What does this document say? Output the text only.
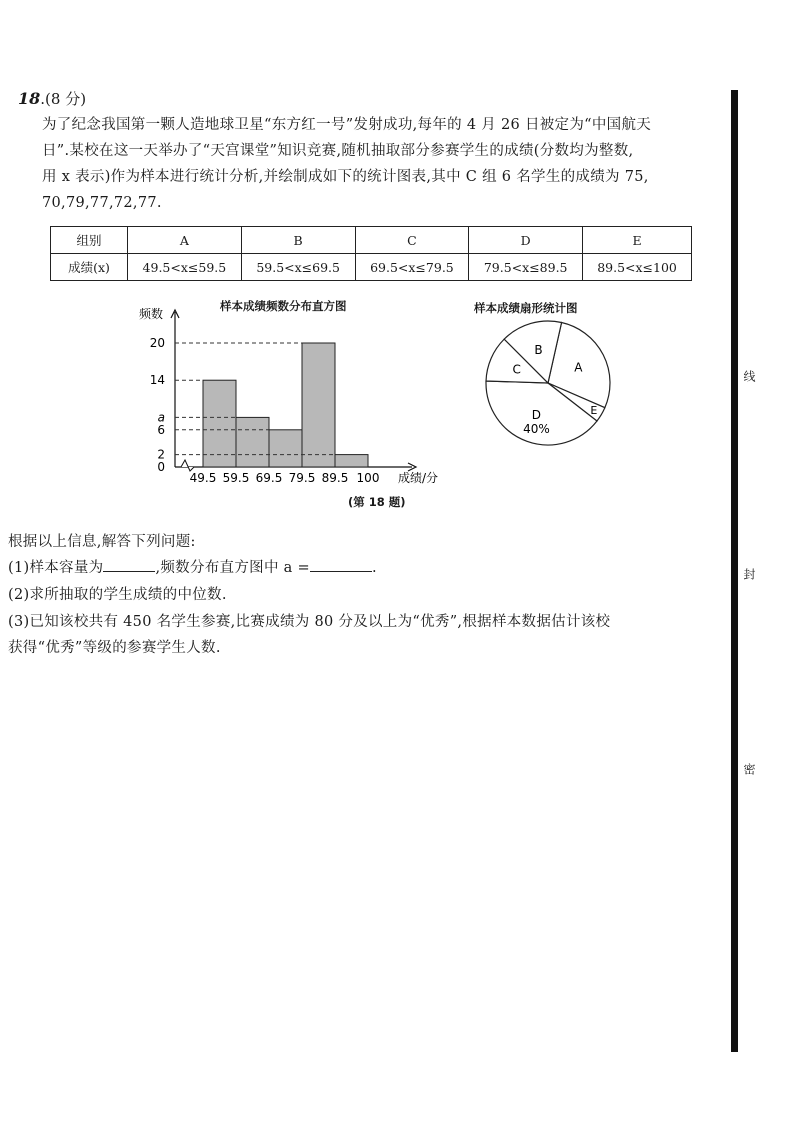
18.(8 分)
为了纪念我国第一颗人造地球卫星“东方红一号”发射成功,每年的 4 月 26 日被定为“中国航天
日”.某校在这一天举办了“天宫课堂”知识竞赛,随机抽取部分参赛学生的成绩(分数均为整数,
用 x 表示)作为样本进行统计分析,并绘制成如下的统计图表,其中 C 组 6 名学生的成绩为 75,
70,79,77,72,77.
组别	A	B	C	D	E
成绩(x)	49.5<x≤59.5	59.5<x≤69.5	69.5<x≤79.5	79.5<x≤89.5	89.5<x≤100
样本成绩频数分布直方图
频数
成绩/分
20
14
a
6
2
0
49.5 59.5 69.5 79.5 89.5 100
样本成绩扇形统计图
A
E
D
40%
C
B
(第 18 题)
根据以上信息,解答下列问题:
(1)样本容量为	,频数分布直方图中 a =	.
(2)求所抽取的学生成绩的中位数.
(3)已知该校共有 450 名学生参赛,比赛成绩为 80 分及以上为“优秀”,根据样本数据估计该校
获得“优秀”等级的参赛学生人数.
线
封
密
